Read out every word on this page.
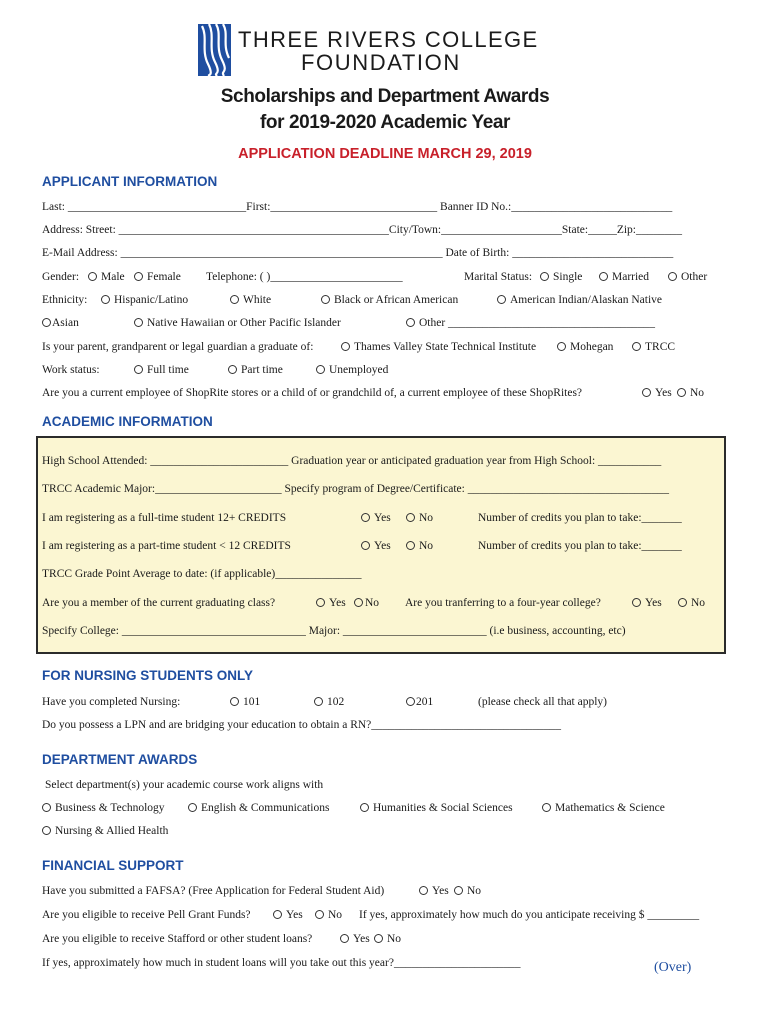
THREE RIVERS COLLEGE
FOUNDATION
Scholarships and Department Awards
for 2019-2020 Academic Year
APPLICATION DEADLINE MARCH 29, 2019
APPLICANT INFORMATION
Last: _______________________________First:_____________________________ Banner ID No.:____________________________
Address: Street: _______________________________________________City/Town:_____________________State:_____Zip:________
E-Mail Address: ________________________________________________________ Date of Birth: ____________________________
Gender:	Male	Female Telephone: ( )_______________________	Marital Status:	Single	Married	Other
Ethnicity:	Hispanic/Latino	White	Black or African American	American Indian/Alaskan Native
Asian	Native Hawaiian or Other Pacific Islander	Other ____________________________________
Is your parent, grandparent or legal guardian a graduate of:	Thames Valley State Technical Institute	Mohegan	TRCC
Work status:	Full time	Part time	Unemployed
Are you a current employee of ShopRite stores or a child of or grandchild of, a current employee of these ShopRites?	Yes	No
ACADEMIC INFORMATION
High School Attended: ________________________ Graduation year or anticipated graduation year from High School: ___________
TRCC Academic Major:______________________ Specify program of Degree/Certificate: ___________________________________
I am registering as a full-time student 12+ CREDITS	Yes	No	Number of credits you plan to take:_______
I am registering as a part-time student < 12 CREDITS	Yes	No	Number of credits you plan to take:_______
TRCC Grade Point Average to date: (if applicable)_______________
Are you a member of the current graduating class?	Yes	No Are you tranferring to a four-year college?	Yes	No
Specify College: ________________________________ Major: _________________________ (i.e business, accounting, etc)
FOR NURSING STUDENTS ONLY
Have you completed Nursing:	101	102	201	(please check all that apply)
Do you possess a LPN and are bridging your education to obtain a RN?_________________________________
DEPARTMENT AWARDS
Select department(s) your academic course work aligns with
Business & Technology	English & Communications	Humanities & Social Sciences	Mathematics & Science
Nursing & Allied Health
FINANCIAL SUPPORT
Have you submitted a FAFSA? (Free Application for Federal Student Aid)	Yes	No
Are you eligible to receive Pell Grant Funds?	Yes	No If yes, approximately how much do you anticipate receiving $ _________
Are you eligible to receive Stafford or other student loans?	Yes	No
If yes, approximately how much in student loans will you take out this year?______________________	(Over)
